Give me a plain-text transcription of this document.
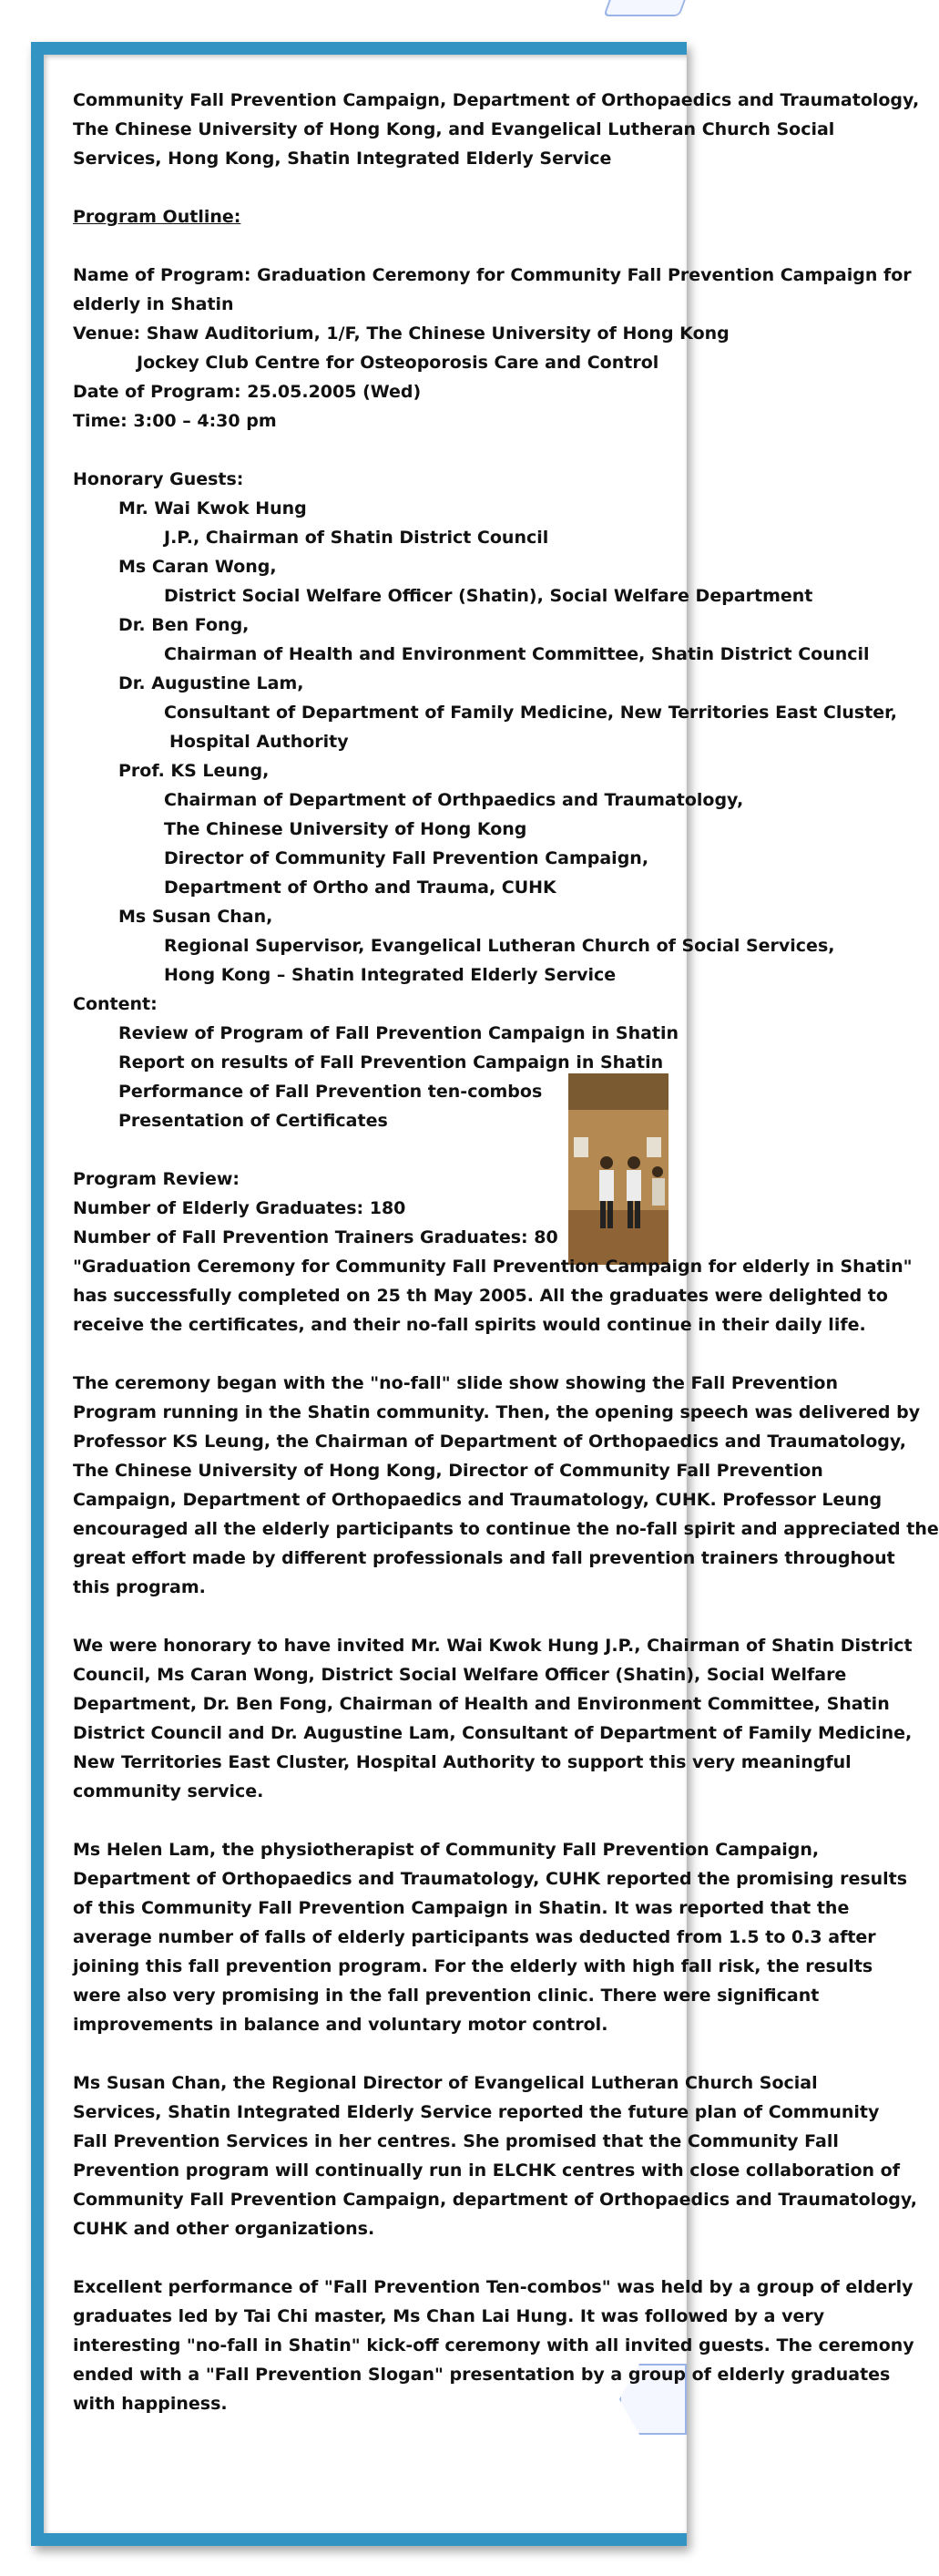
Community Fall Prevention Campaign, Department of Orthopaedics and Traumatology,
The Chinese University of Hong Kong, and Evangelical Lutheran Church Social
Services, Hong Kong, Shatin Integrated Elderly Service
Program Outline:
Name of Program: Graduation Ceremony for Community Fall Prevention Campaign for
elderly in Shatin
Venue: Shaw Auditorium, 1/F, The Chinese University of Hong Kong
Jockey Club Centre for Osteoporosis Care and Control
Date of Program: 25.05.2005 (Wed)
Time: 3:00 – 4:30 pm
Honorary Guests:
Mr. Wai Kwok Hung
J.P., Chairman of Shatin District Council
Ms Caran Wong,
District Social Welfare Officer (Shatin), Social Welfare Department
Dr. Ben Fong,
Chairman of Health and Environment Committee, Shatin District Council
Dr. Augustine Lam,
Consultant of Department of Family Medicine, New Territories East Cluster,
Hospital Authority
Prof. KS Leung,
Chairman of Department of Orthpaedics and Traumatology,
The Chinese University of Hong Kong
Director of Community Fall Prevention Campaign,
Department of Ortho and Trauma, CUHK
Ms Susan Chan,
Regional Supervisor, Evangelical Lutheran Church of Social Services,
Hong Kong – Shatin Integrated Elderly Service
Content:
Review of Program of Fall Prevention Campaign in Shatin
Report on results of Fall Prevention Campaign in Shatin
Performance of Fall Prevention ten-combos
Presentation of Certificates
Program Review:
Number of Elderly Graduates: 180
Number of Fall Prevention Trainers Graduates: 80
"Graduation Ceremony for Community Fall Prevention Campaign for elderly in Shatin"
has successfully completed on 25 th May 2005. All the graduates were delighted to
receive the certificates, and their no-fall spirits would continue in their daily life.
The ceremony began with the "no-fall" slide show showing the Fall Prevention
Program running in the Shatin community. Then, the opening speech was delivered by
Professor KS Leung, the Chairman of Department of Orthopaedics and Traumatology,
The Chinese University of Hong Kong, Director of Community Fall Prevention
Campaign, Department of Orthopaedics and Traumatology, CUHK. Professor Leung
encouraged all the elderly participants to continue the no-fall spirit and appreciated the
great effort made by different professionals and fall prevention trainers throughout
this program.
We were honorary to have invited Mr. Wai Kwok Hung J.P., Chairman of Shatin District
Council, Ms Caran Wong, District Social Welfare Officer (Shatin), Social Welfare
Department, Dr. Ben Fong, Chairman of Health and Environment Committee, Shatin
District Council and Dr. Augustine Lam, Consultant of Department of Family Medicine,
New Territories East Cluster, Hospital Authority to support this very meaningful
community service.
Ms Helen Lam, the physiotherapist of Community Fall Prevention Campaign,
Department of Orthopaedics and Traumatology, CUHK reported the promising results
of this Community Fall Prevention Campaign in Shatin. It was reported that the
average number of falls of elderly participants was deducted from 1.5 to 0.3 after
joining this fall prevention program. For the elderly with high fall risk, the results
were also very promising in the fall prevention clinic. There were significant
improvements in balance and voluntary motor control.
Ms Susan Chan, the Regional Director of Evangelical Lutheran Church Social
Services, Shatin Integrated Elderly Service reported the future plan of Community
Fall Prevention Services in her centres. She promised that the Community Fall
Prevention program will continually run in ELCHK centres with close collaboration of
Community Fall Prevention Campaign, department of Orthopaedics and Traumatology,
CUHK and other organizations.
Excellent performance of "Fall Prevention Ten-combos" was held by a group of elderly
graduates led by Tai Chi master, Ms Chan Lai Hung. It was followed by a very
interesting "no-fall in Shatin" kick-off ceremony with all invited guests. The ceremony
ended with a "Fall Prevention Slogan" presentation by a group of elderly graduates
with happiness.
